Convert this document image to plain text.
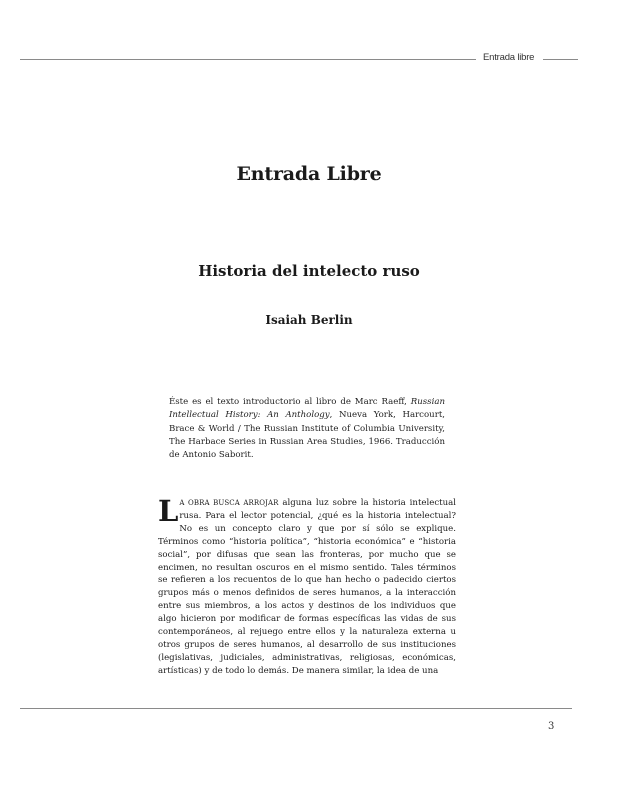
Entrada libre
Entrada Libre
Historia del intelecto ruso
Isaiah Berlin
Éste es el texto introductorio al libro de Marc Raeff, Russian Intellectual History: An Anthology, Nueva York, Harcourt, Brace & World / The Russian Institute of Columbia University, The Harbace Series in Russian Area Studies, 1966. Traducción de Antonio Saborit.
L A OBRA BUSCA ARROJAR alguna luz sobre la historia intelectual rusa. Para el lector potencial, ¿qué es la historia intelectual? No es un concepto claro y que por sí sólo se explique. Términos como “historia política”, “historia económica” e “historia social”, por difusas que sean las fronteras, por mucho que se encimen, no resultan oscuros en el mismo sentido. Tales términos se refieren a los recuentos de lo que han hecho o padecido ciertos grupos más o menos definidos de seres humanos, a la interacción entre sus miembros, a los actos y destinos de los individuos que algo hicieron por modificar de formas específicas las vidas de sus contemporáneos, al rejuego entre ellos y la naturaleza externa u otros grupos de seres humanos, al desarrollo de sus instituciones (legislativas, judiciales, administrativas, religiosas, económicas, artísticas) y de todo lo demás. De manera similar, la idea de una
3
